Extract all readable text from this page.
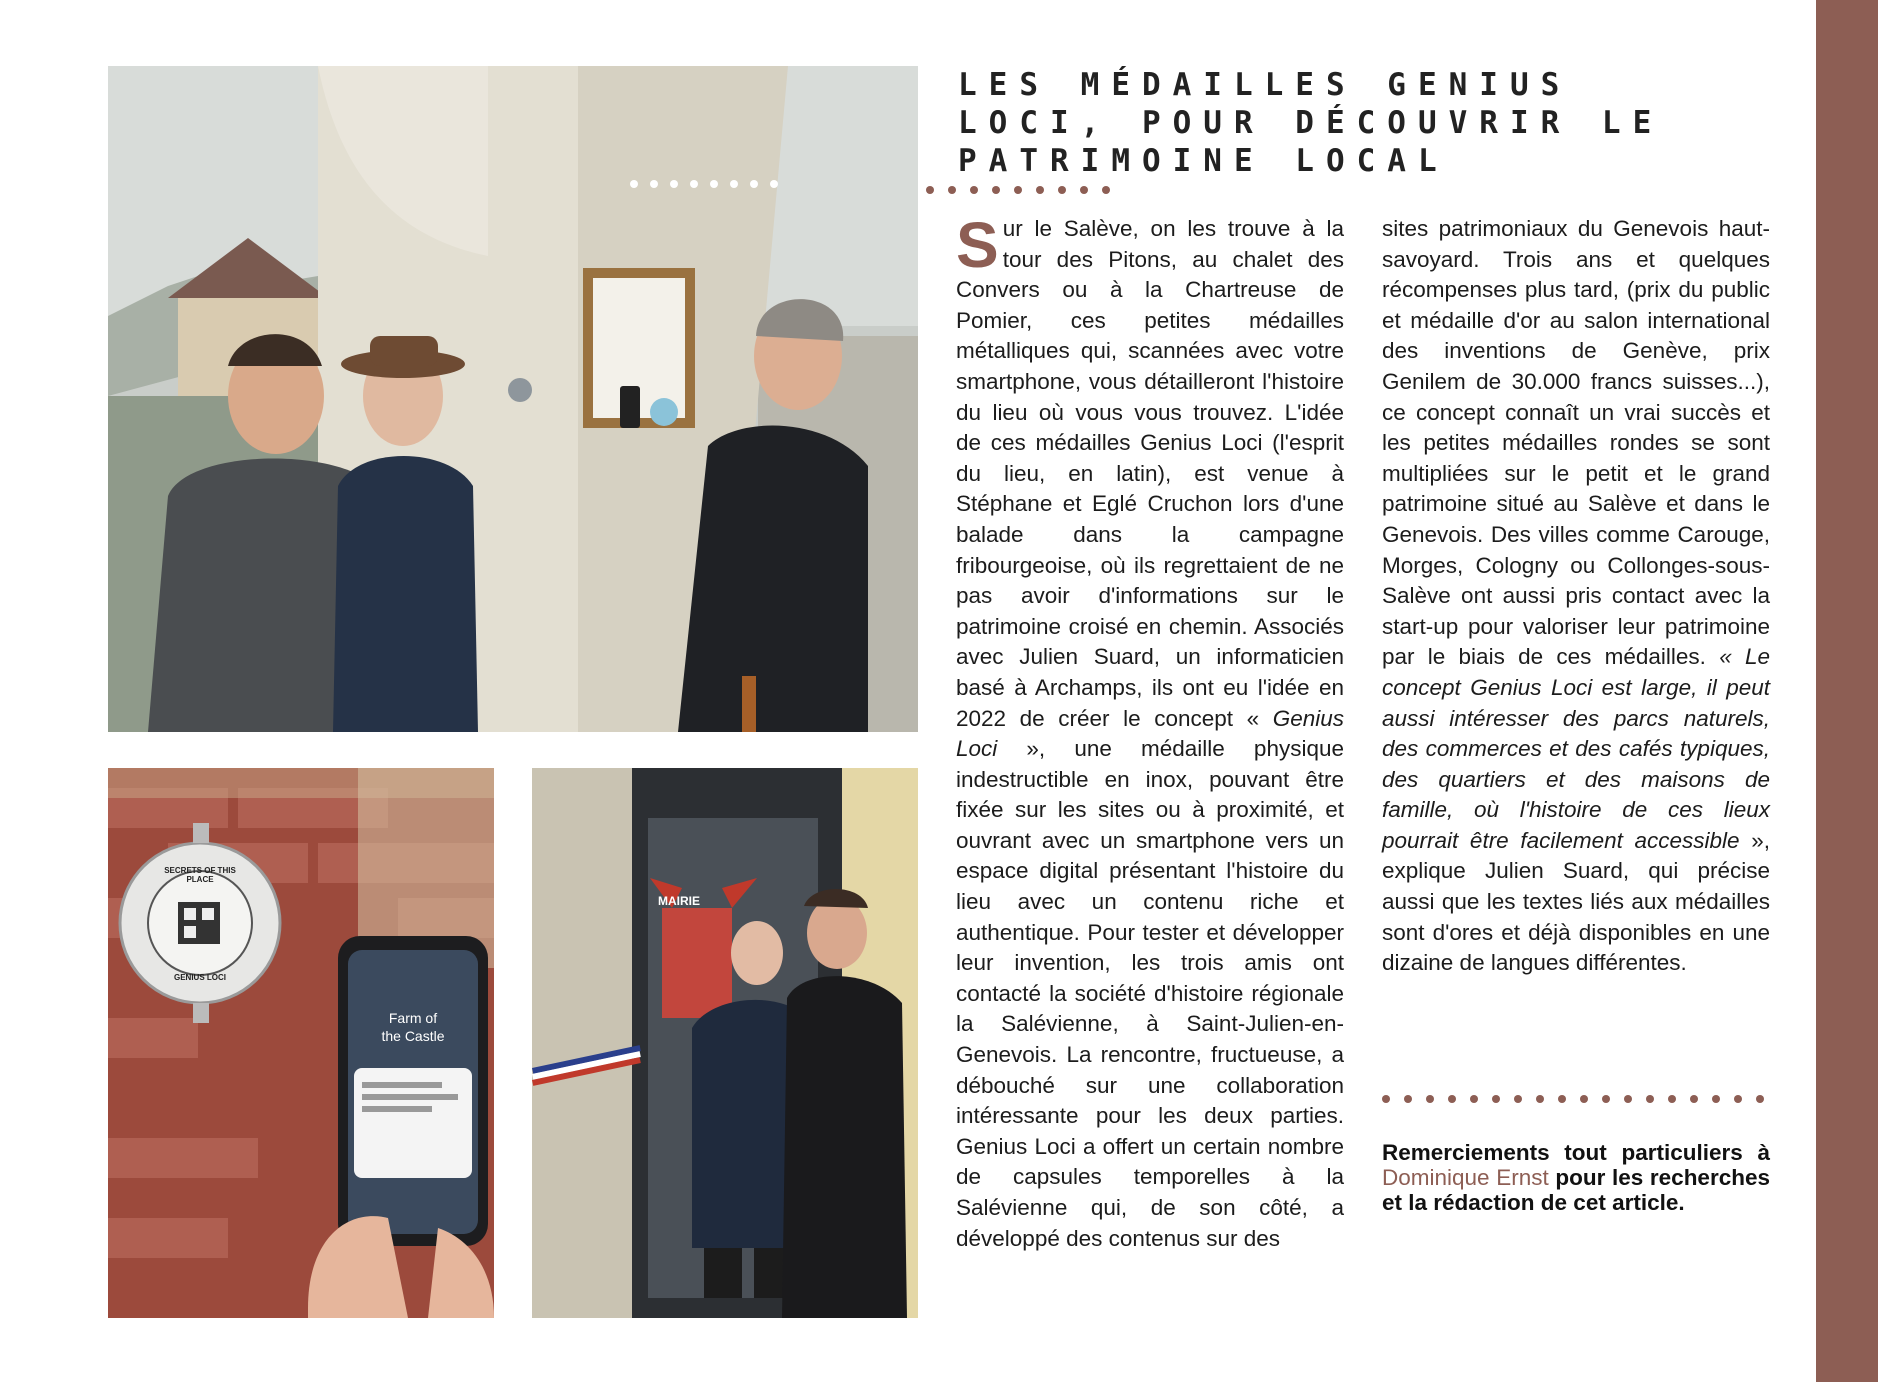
SECRETS OF THIS PLACE
GENIUS LOCI
Farm of
the Castle
MAIRIE
LES MÉDAILLES GENIUS LOCI, POUR DÉCOUVRIR LE PATRIMOINE LOCAL

Sur le Salève, on les trouve à la tour des Pitons, au chalet des Convers ou à la Chartreuse de Pomier, ces petites médailles métalliques qui, scannées avec votre smartphone, vous détailleront l'histoire du lieu où vous vous trouvez. L'idée de ces médailles Genius Loci (l'esprit du lieu, en latin), est venue à Stéphane et Eglé Cruchon lors d'une balade dans la campagne fribourgeoise, où ils regrettaient de ne pas avoir d'informations sur le patrimoine croisé en chemin. Associés avec Julien Suard, un informaticien basé à Archamps, ils ont eu l'idée en 2022 de créer le concept « Genius Loci », une médaille physique indestructible en inox, pouvant être fixée sur les sites ou à proximité, et ouvrant avec un smartphone vers un espace digital présentant l'histoire du lieu avec un contenu riche et authentique. Pour tester et développer leur invention, les trois amis ont contacté la société d'histoire régionale la Salévienne, à Saint-Julien-en-Genevois. La rencontre, fructueuse, a débouché sur une collaboration intéressante pour les deux parties. Genius Loci a offert un certain nombre de capsules temporelles à la Salévienne qui, de son côté, a développé des contenus sur des

sites patrimoniaux du Genevois haut-savoyard. Trois ans et quelques récompenses plus tard, (prix du public et médaille d'or au salon international des inventions de Genève, prix Genilem de 30.000 francs suisses...), ce concept connaît un vrai succès et les petites médailles rondes se sont multipliées sur le petit et le grand patrimoine situé au Salève et dans le Genevois. Des villes comme Carouge, Morges, Cologny ou Collonges-sous-Salève ont aussi pris contact avec la start-up pour valoriser leur patrimoine par le biais de ces médailles. « Le concept Genius Loci est large, il peut aussi intéresser des parcs naturels, des commerces et des cafés typiques, des quartiers et des maisons de famille, où l'histoire de ces lieux pourrait être facilement accessible », explique Julien Suard, qui précise aussi que les textes liés aux médailles sont d'ores et déjà disponibles en une dizaine de langues différentes.

Remerciements tout particuliers à Dominique Ernst pour les recherches et la rédaction de cet article.
